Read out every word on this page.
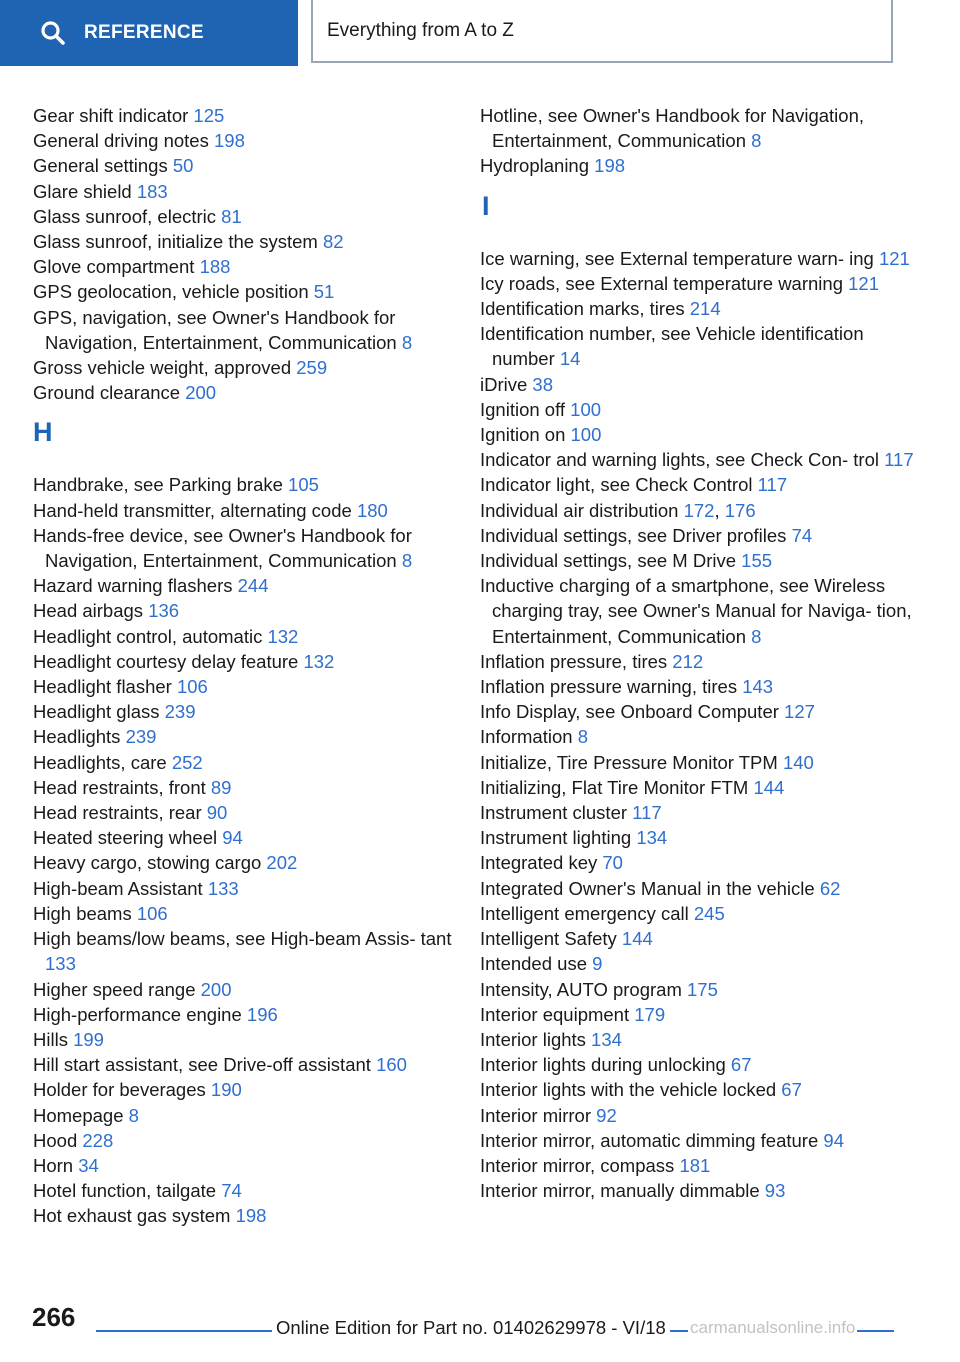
REFERENCE	Everything from A to Z
Gear shift indicator 125
General driving notes 198
General settings 50
Glare shield 183
Glass sunroof, electric 81
Glass sunroof, initialize the system 82
Glove compartment 188
GPS geolocation, vehicle position 51
GPS, navigation, see Owner's Handbook for Navigation, Entertainment, Communication 8
Gross vehicle weight, approved 259
Ground clearance 200
H
Handbrake, see Parking brake 105
Hand-held transmitter, alternating code 180
Hands-free device, see Owner's Handbook for Navigation, Entertainment, Communication 8
Hazard warning flashers 244
Head airbags 136
Headlight control, automatic 132
Headlight courtesy delay feature 132
Headlight flasher 106
Headlight glass 239
Headlights 239
Headlights, care 252
Head restraints, front 89
Head restraints, rear 90
Heated steering wheel 94
Heavy cargo, stowing cargo 202
High-beam Assistant 133
High beams 106
High beams/low beams, see High-beam Assis‐ tant 133
Higher speed range 200
High-performance engine 196
Hills 199
Hill start assistant, see Drive-off assistant 160
Holder for beverages 190
Homepage 8
Hood 228
Horn 34
Hotel function, tailgate 74
Hot exhaust gas system 198
Hotline, see Owner's Handbook for Navigation, Entertainment, Communication 8
Hydroplaning 198
I
Ice warning, see External temperature warn‐ ing 121
Icy roads, see External temperature warning 121
Identification marks, tires 214
Identification number, see Vehicle identification number 14
iDrive 38
Ignition off 100
Ignition on 100
Indicator and warning lights, see Check Con‐ trol 117
Indicator light, see Check Control 117
Individual air distribution 172, 176
Individual settings, see Driver profiles 74
Individual settings, see M Drive 155
Inductive charging of a smartphone, see Wireless charging tray, see Owner's Manual for Naviga‐ tion, Entertainment, Communication 8
Inflation pressure, tires 212
Inflation pressure warning, tires 143
Info Display, see Onboard Computer 127
Information 8
Initialize, Tire Pressure Monitor TPM 140
Initializing, Flat Tire Monitor FTM 144
Instrument cluster 117
Instrument lighting 134
Integrated key 70
Integrated Owner's Manual in the vehicle 62
Intelligent emergency call 245
Intelligent Safety 144
Intended use 9
Intensity, AUTO program 175
Interior equipment 179
Interior lights 134
Interior lights during unlocking 67
Interior lights with the vehicle locked 67
Interior mirror 92
Interior mirror, automatic dimming feature 94
Interior mirror, compass 181
Interior mirror, manually dimmable 93
266	Online Edition for Part no. 01402629978 - VI/18 carmanualsonline.info
